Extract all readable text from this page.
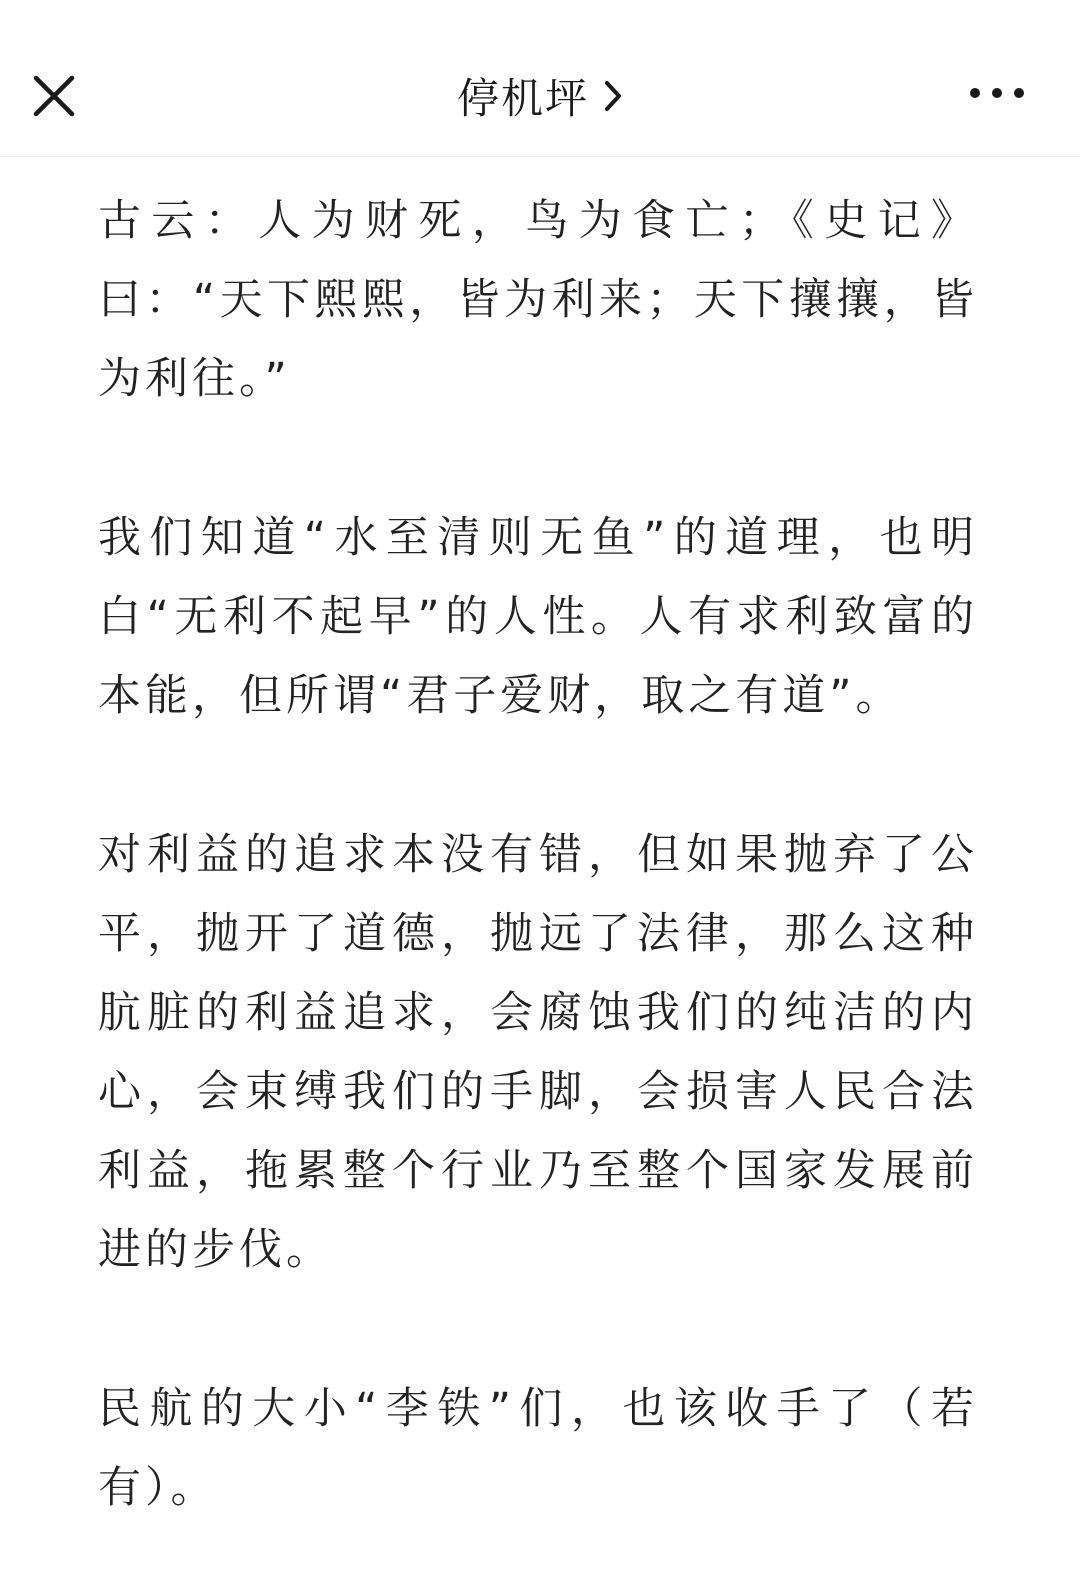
停机坪

古云：人为财死，鸟为食亡；《史记》曰：“天下熙熙，皆为利来；天下攘攘，皆为利往。”

我们知道“水至清则无鱼”的道理，也明白“无利不起早”的人性。人有求利致富的本能，但所谓“君子爱财，取之有道”。

对利益的追求本没有错，但如果抛弃了公平，抛开了道德，抛远了法律，那么这种肮脏的利益追求，会腐蚀我们的纯洁的内心，会束缚我们的手脚，会损害人民合法利益，拖累整个行业乃至整个国家发展前进的步伐。

民航的大小“李铁”们，也该收手了（若有）。
